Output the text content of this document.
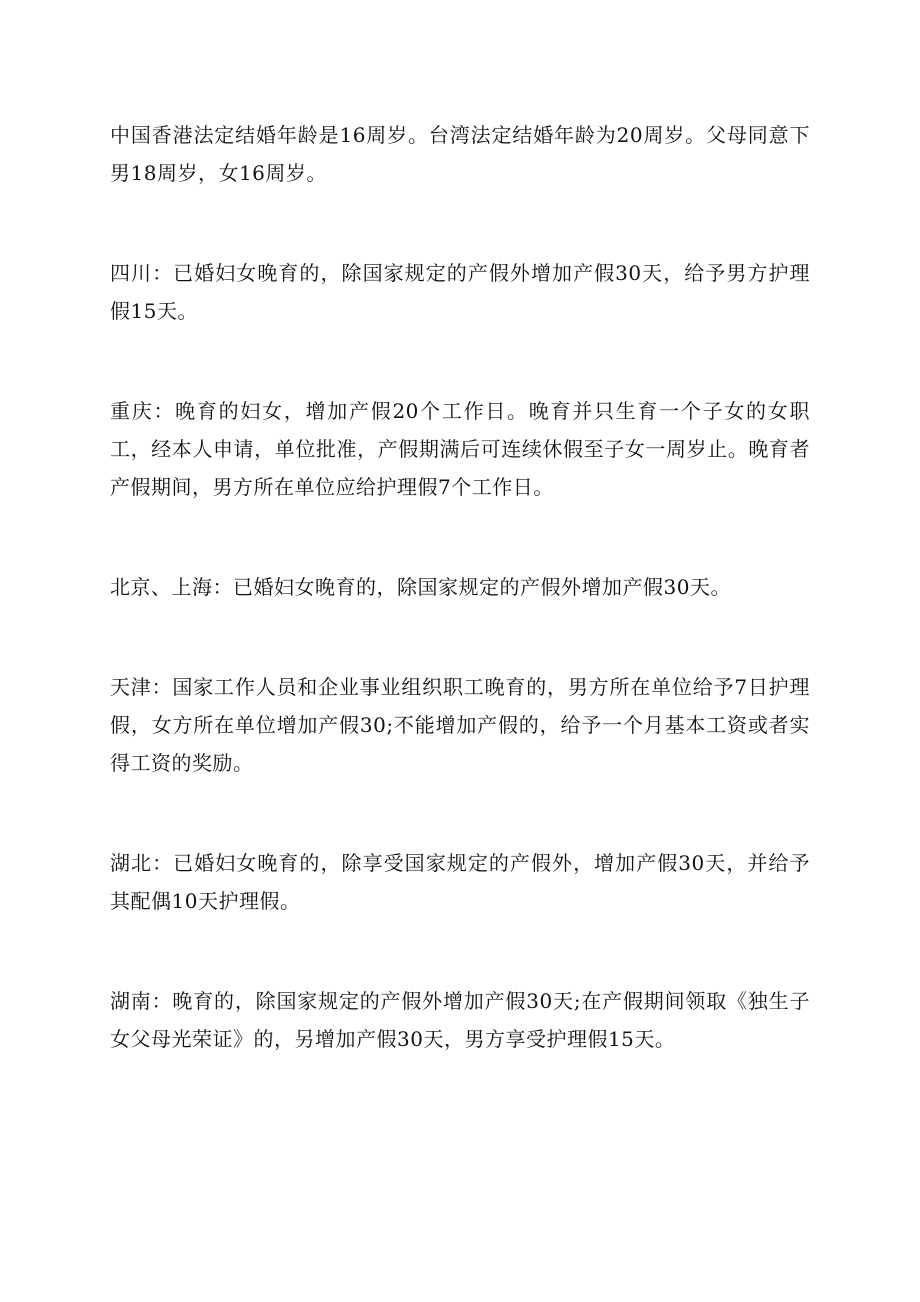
中国香港法定结婚年龄是16周岁。台湾法定结婚年龄为20周岁。父母同意下男18周岁，女16周岁。

四川：已婚妇女晚育的，除国家规定的产假外增加产假30天，给予男方护理假15天。

重庆：晚育的妇女，增加产假20个工作日。晚育并只生育一个子女的女职工，经本人申请，单位批准，产假期满后可连续休假至子女一周岁止。晚育者产假期间，男方所在单位应给护理假7个工作日。

北京、上海：已婚妇女晚育的，除国家规定的产假外增加产假30天。

天津：国家工作人员和企业事业组织职工晚育的，男方所在单位给予7日护理假，女方所在单位增加产假30;不能增加产假的，给予一个月基本工资或者实得工资的奖励。

湖北：已婚妇女晚育的，除享受国家规定的产假外，增加产假30天，并给予其配偶10天护理假。

湖南：晚育的，除国家规定的产假外增加产假30天;在产假期间领取《独生子女父母光荣证》的，另增加产假30天，男方享受护理假15天。
